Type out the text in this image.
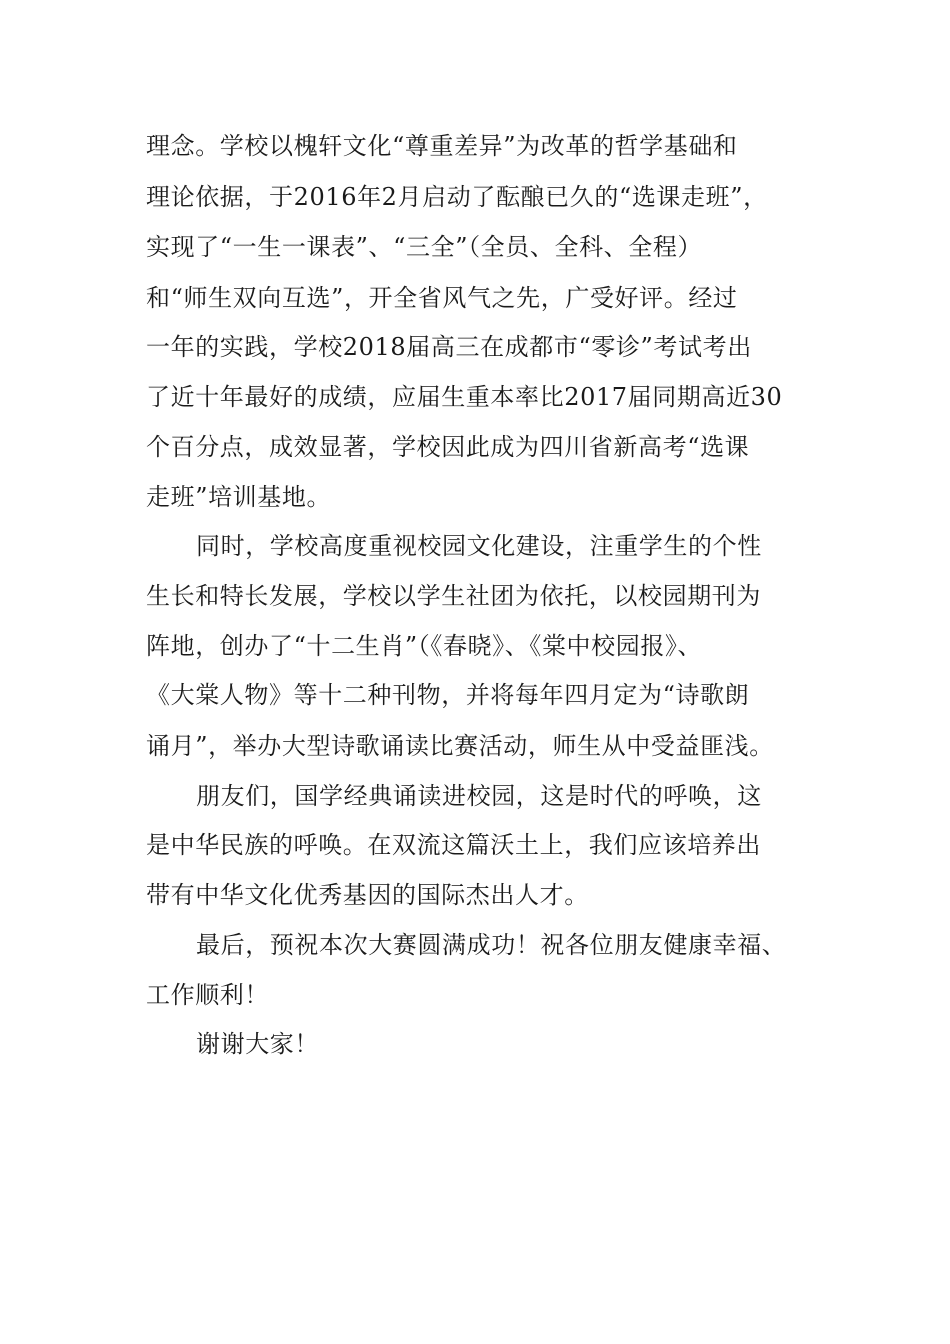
理念。学校以槐轩文化“尊重差异”为改革的哲学基础和
理论依据，于2016年2月启动了酝酿已久的“选课走班”，
实现了“一生一课表”、“三全”（全员、全科、全程）
和“师生双向互选”，开全省风气之先，广受好评。经过
一年的实践，学校2018届高三在成都市“零诊”考试考出
了近十年最好的成绩，应届生重本率比2017届同期高近30
个百分点，成效显著，学校因此成为四川省新高考“选课
走班”培训基地。
同时，学校高度重视校园文化建设，注重学生的个性
生长和特长发展，学校以学生社团为依托，以校园期刊为
阵地，创办了“十二生肖”（《春晓》、《棠中校园报》、
《大棠人物》等十二种刊物，并将每年四月定为“诗歌朗
诵月”，举办大型诗歌诵读比赛活动，师生从中受益匪浅。
朋友们，国学经典诵读进校园，这是时代的呼唤，这
是中华民族的呼唤。在双流这篇沃土上，我们应该培养出
带有中华文化优秀基因的国际杰出人才。
最后，预祝本次大赛圆满成功！祝各位朋友健康幸福、
工作顺利！
谢谢大家！
